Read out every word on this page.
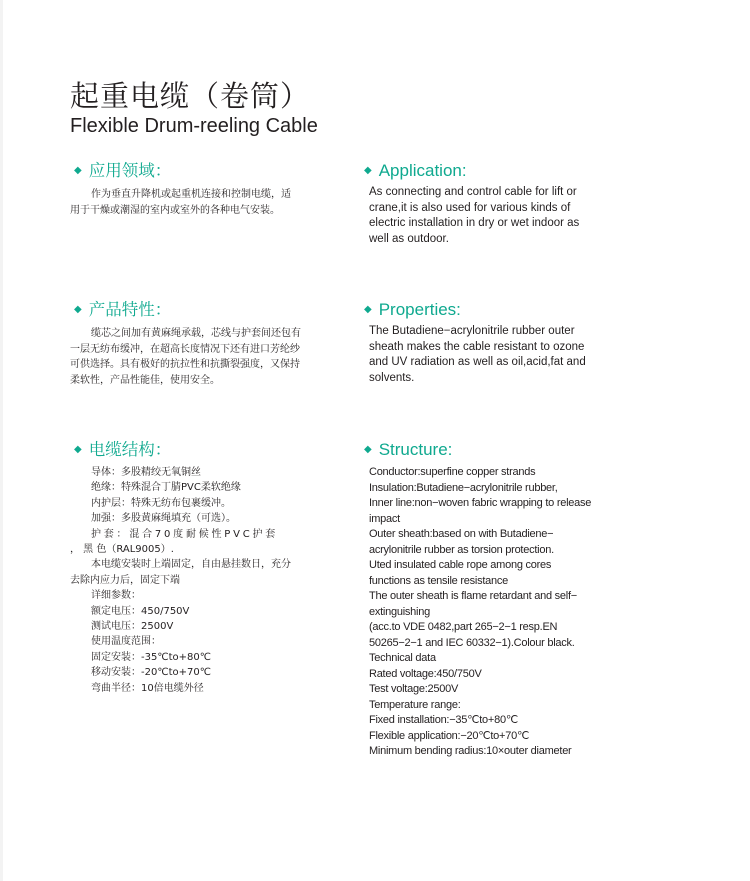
起重电缆（卷筒）
Flexible Drum-reeling Cable
◆ 应用领域：	◆ Application:

作为垂直升降机或起重机连接和控制电缆，适

用于干燥或潮湿的室内或室外的各种电气安装。

As connecting and control cable for lift or

crane,it is also used for various kinds of

electric installation in dry or wet indoor as

well as outdoor.

◆ 产品特性：	◆ Properties:

缆芯之间加有黄麻绳承载，芯线与护套间还包有

一层无纺布缓冲，在超高长度情况下还有进口芳纶纱

可供选择。具有极好的抗拉性和抗撕裂强度，又保持

柔软性，产品性能佳，使用安全。

The Butadiene−acrylonitrile rubber outer

sheath makes the cable resistant to ozone

and UV radiation as well as oil,acid,fat and

solvents.

◆ 电缆结构：	◆ Structure:

导体：多股精绞无氧铜丝

绝缘：特殊混合丁腈PVC柔软绝缘

内护层：特殊无纺布包裹缓冲。

加强：多股黄麻绳填充（可选）。

护 套 ： 混 合 7 0 度 耐 候 性 P V C 护 套

， 黑 色（RAL9005）.

本电缆安装时上端固定，自由悬挂数日，充分

去除内应力后，固定下端

详细参数：

额定电压：450/750V

测试电压：2500V

使用温度范围：

固定安装：-35℃to+80℃

移动安装：-20℃to+70℃

弯曲半径：10倍电缆外径

Conductor:superfine copper strands

Insulation:Butadiene−acrylonitrile rubber,

Inner line:non−woven fabric wrapping to release

impact

Outer sheath:based on with Butadiene−

acrylonitrile rubber as torsion protection.

Uted insulated cable rope among cores

functions as tensile resistance

The outer sheath is flame retardant and self−

extinguishing

(acc.to VDE 0482,part 265−2−1 resp.EN

50265−2−1 and IEC 60332−1).Colour black.

Technical data

Rated voltage:450/750V

Test voltage:2500V

Temperature range:

Fixed installation:−35℃to+80℃

Flexible application:−20℃to+70℃

Minimum bending radius:10×outer diameter
